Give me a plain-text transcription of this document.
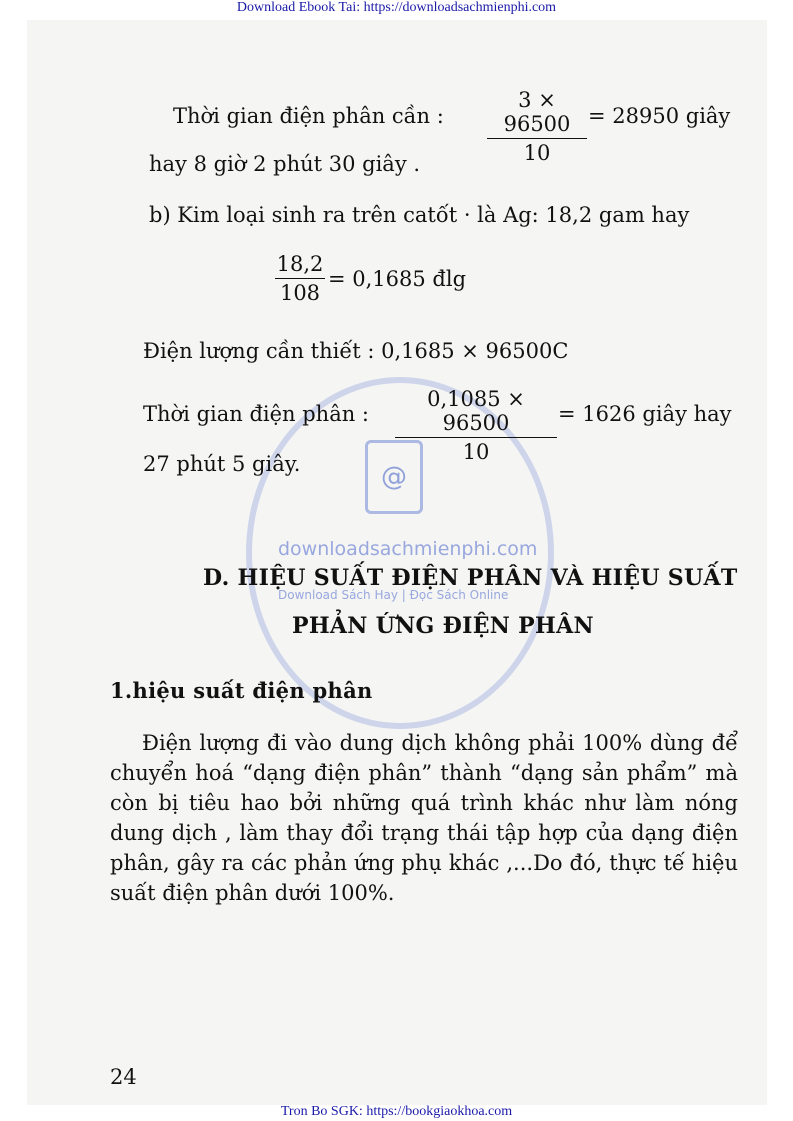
Download Ebook Tai: https://downloadsachmienphi.com
@
downloadsachmienphi.com
Download Sách Hay | Đọc Sách Online
Thời gian điện phân cần :
3 × 96500
10
= 28950 giây
hay 8 giờ 2 phút 30 giây .
b) Kim loại sinh ra trên catốt · là Ag: 18,2 gam hay
18,2
108
= 0,1685 đlg
Điện lượng cần thiết : 0,1685 × 96500C
Thời gian điện phân :
0,1085 × 96500
10
= 1626 giây hay
27 phút 5 giây.
D. HIỆU SUẤT ĐIỆN PHÂN VÀ HIỆU SUẤT
PHẢN ỨNG ĐIỆN PHÂN
1.hiệu suất điện phân

Điện lượng đi vào dung dịch không phải 100% dùng để chuyển hoá “dạng điện phân” thành “dạng sản phẩm” mà còn bị tiêu hao bởi những quá trình khác như làm nóng dung dịch , làm thay đổi trạng thái tập hợp của dạng điện phân, gây ra các phản ứng phụ khác ,...Do đó, thực tế hiệu suất điện phân dưới 100%.

24
Tron Bo SGK: https://bookgiaokhoa.com
